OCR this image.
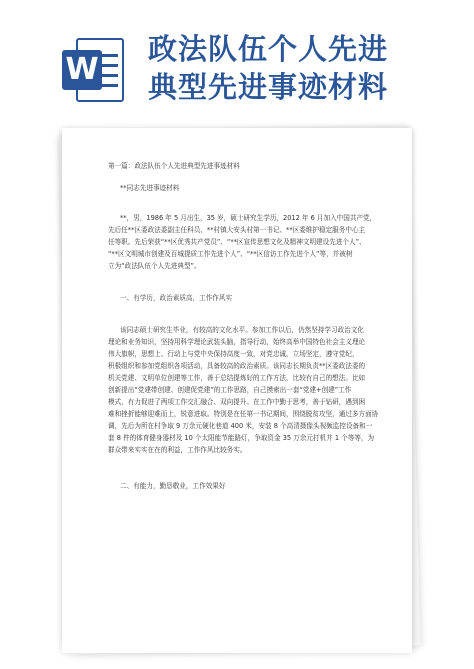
W
政法队伍个人先进
典型先进事迹材料

第一篇：政法队伍个人先进典型先进事迹材料

**同志先进事迹材料

**，男，1986 年 5 月出生，35 岁，硕士研究生学历，2012 年 6 月加入中国共产党，

先后任**区委政法委副主任科员、**村镇大安头村第一书记、**区委维护稳定服务中心主

任等职。先后荣获“**区优秀共产党员”、“**区宣传思想文化及精神文明建设先进个人”、

“**区文明城市创建及百城提质工作先进个人”、“**区信访工作先进个人”等，并被树

立为“政法队伍个人先进典型”。

一、有学历，政治素质高，工作作风实

该同志硕士研究生毕业，有较高的文化水平。参加工作以后，仍然坚持学习政治文化

理论和业务知识，坚持用科学理论武装头脑，指导行动，始终高举中国特色社会主义理论

伟大旗帜，思想上、行动上与党中央保持高度一致，对党忠诚，立场坚定，遵守党纪，

积极组织和参加党组织各项活动，具备较高的政治素质。该同志长期负责**区委政法委的

机关党建、文明单位创建等工作，善于总结提炼好的工作方法，比较有自己的想法。比如

创新提出“党建带创建、创建促党建”的工作思路，自己摸索出一套“党建+创建”工作

模式，有力促进了两项工作交汇融合、双向提升。在工作中勤于思考，善于钻研，遇到困

难和挫折能够迎难而上，锐意进取。特别是在任第一书记期间，围绕脱贫攻坚，通过多方面协

调，先后为所在村争取 9 万余元硬化巷道 400 米，安装 8 个高清摄像头视频监控设备和一

套 8 件的体育健身器材及 10 个太阳能节能路灯，争取资金 35 万余元打机井 1 个等等，为

群众带来实实在在的利益，工作作风比较务实。

二、有能力，勤恳敬业，工作效果好
